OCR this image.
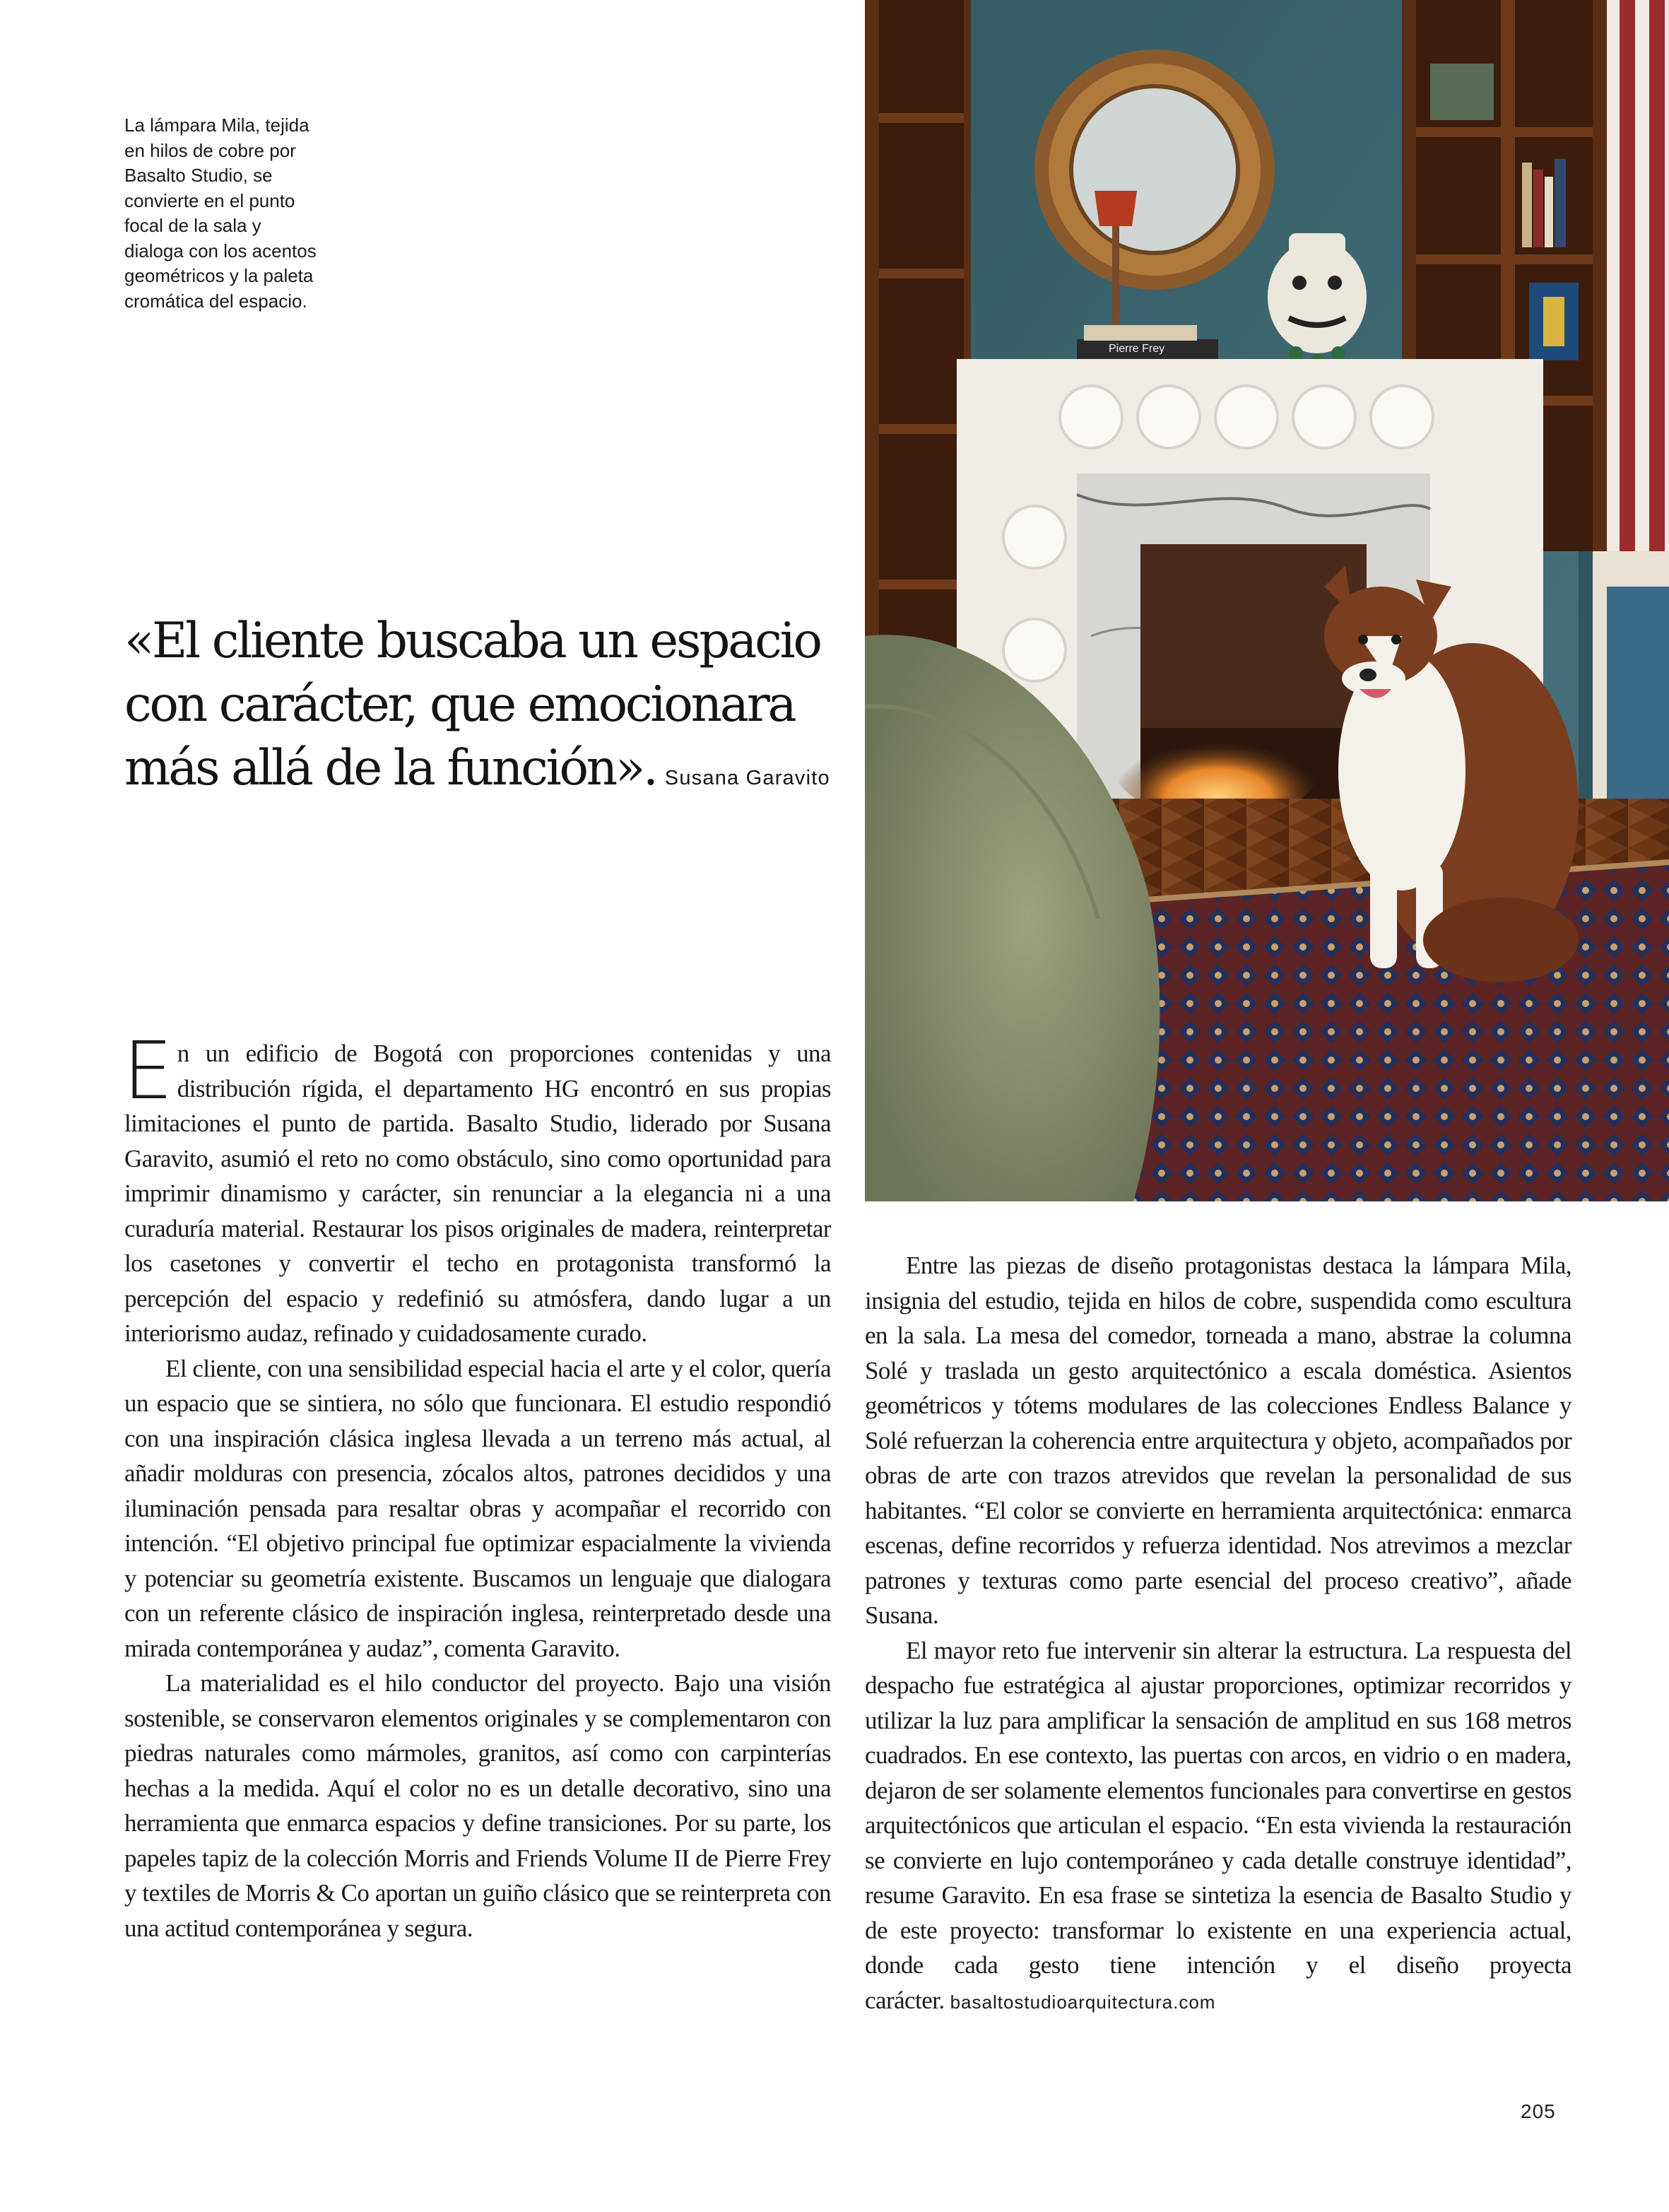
La lámpara Mila, tejida
en hilos de cobre por
Basalto Studio, se
convierte en el punto
focal de la sala y
dialoga con los acentos
geométricos y la paleta
cromática del espacio.

«El cliente buscaba un espacio
con carácter, que emocionara
más allá de la función». Susana Garavito
Pierre Frey

En un edificio de Bogotá con proporciones contenidas y una distribución rígida, el departamento HG encontró en sus propias limitaciones el punto de partida. Basalto Studio, liderado por Susana Garavito, asumió el reto no como obstáculo, sino como oportunidad para imprimir dinamismo y carácter, sin renunciar a la elegancia ni a una curaduría material. Restaurar los pisos originales de madera, reinterpretar los casetones y convertir el techo en protagonista transformó la percepción del espacio y redefinió su atmósfera, dando lugar a un interiorismo audaz, refinado y cuidadosamente curado.

El cliente, con una sensibilidad especial hacia el arte y el color, quería un espacio que se sintiera, no sólo que funcionara. El estudio respondió con una inspiración clásica inglesa llevada a un terreno más actual, al añadir molduras con presencia, zócalos altos, patrones decididos y una iluminación pensada para resaltar obras y acompañar el recorrido con intención. “El objetivo principal fue optimizar espacialmente la vivienda y potenciar su geometría existente. Buscamos un lenguaje que dialogara con un referente clásico de inspiración inglesa, reinterpretado desde una mirada contemporánea y audaz”, comenta Garavito.

La materialidad es el hilo conductor del proyecto. Bajo una visión sostenible, se conservaron elementos originales y se complementaron con piedras naturales como mármoles, granitos, así como con carpinterías hechas a la medida. Aquí el color no es un detalle decorativo, sino una herramienta que enmarca espacios y define transiciones. Por su parte, los papeles tapiz de la colección Morris and Friends Volume II de Pierre Frey y textiles de Morris & Co aportan un guiño clásico que se reinterpreta con una actitud contemporánea y segura.

Entre las piezas de diseño protagonistas destaca la lámpara Mila, insignia del estudio, tejida en hilos de cobre, suspendida como escultura en la sala. La mesa del comedor, torneada a mano, abstrae la columna Solé y traslada un gesto arquitectónico a escala doméstica. Asientos geométricos y tótems modulares de las colecciones Endless Balance y Solé refuerzan la coherencia entre arquitectura y objeto, acompañados por obras de arte con trazos atrevidos que revelan la personalidad de sus habitantes. “El color se convierte en herramienta arquitectónica: enmarca escenas, define recorridos y refuerza identidad. Nos atrevimos a mezclar patrones y texturas como parte esencial del proceso creativo”, añade Susana.

El mayor reto fue intervenir sin alterar la estructura. La respuesta del despacho fue estratégica al ajustar proporciones, optimizar recorridos y utilizar la luz para amplificar la sensación de amplitud en sus 168 metros cuadrados. En ese contexto, las puertas con arcos, en vidrio o en madera, dejaron de ser solamente elementos funcionales para convertirse en gestos arquitectónicos que articulan el espacio. “En esta vivienda la restauración se convierte en lujo contemporáneo y cada detalle construye identidad”, resume Garavito. En esa frase se sintetiza la esencia de Basalto Studio y de este proyecto: transformar lo existente en una experiencia actual, donde cada gesto tiene intención y el diseño proyecta carácter. basaltostudioarquitectura.com

205
